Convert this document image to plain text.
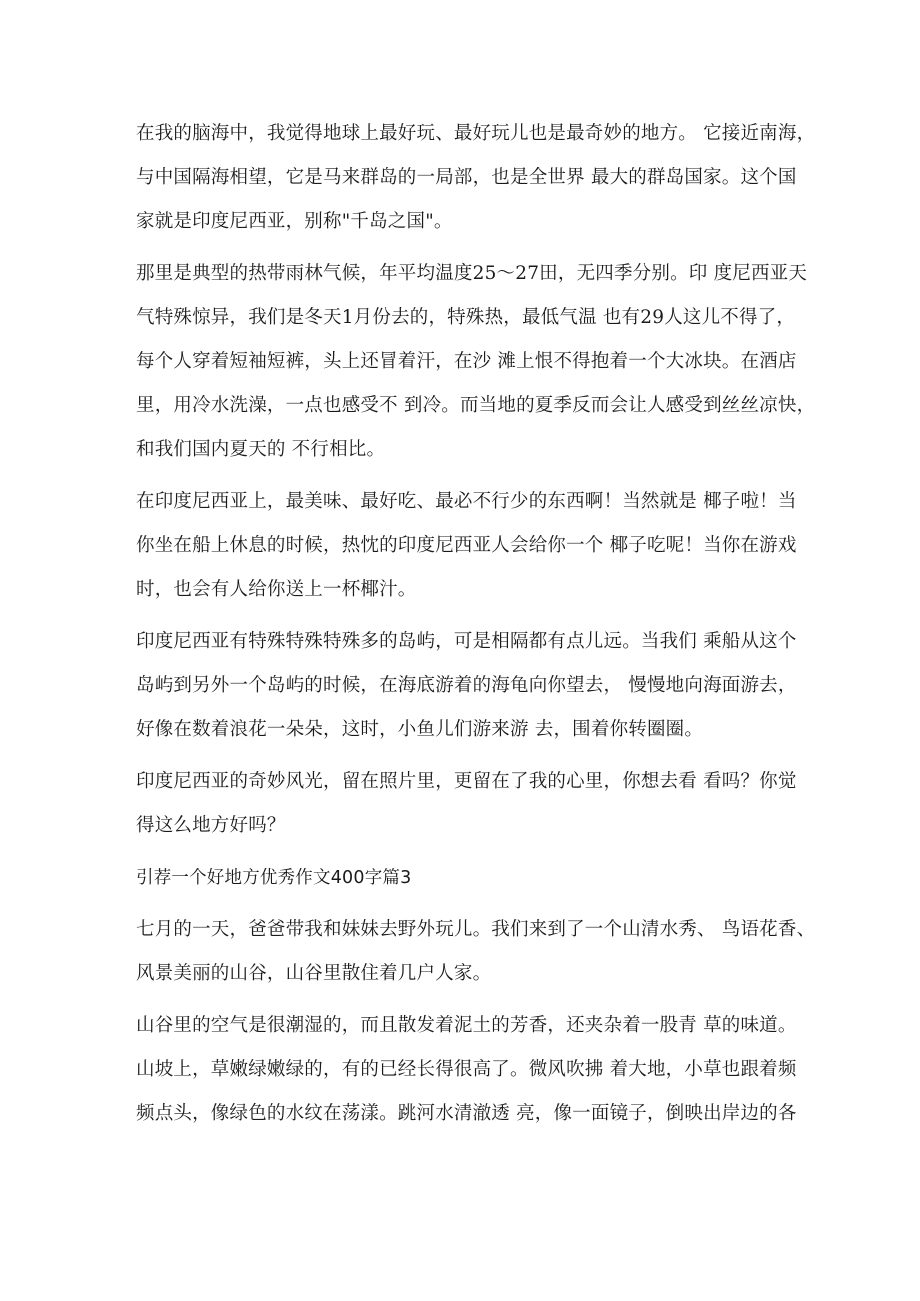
在我的脑海中，我觉得地球上最好玩、最好玩儿也是最奇妙的地方。 它接近南海，
与中国隔海相望，它是马来群岛的一局部，也是全世界 最大的群岛国家。这个国
家就是印度尼西亚，别称"千岛之国"。
那里是典型的热带雨林气候，年平均温度25～27田，无四季分别。印 度尼西亚天
气特殊惊异，我们是冬天1月份去的，特殊热，最低气温 也有29人这儿不得了，
每个人穿着短袖短裤，头上还冒着汗，在沙 滩上恨不得抱着一个大冰块。在酒店
里，用冷水洗澡，一点也感受不 到冷。而当地的夏季反而会让人感受到丝丝凉快，
和我们国内夏天的 不行相比。
在印度尼西亚上，最美味、最好吃、最必不行少的东西啊！当然就是 椰子啦！当
你坐在船上休息的时候，热忱的印度尼西亚人会给你一个 椰子吃呢！当你在游戏
时，也会有人给你送上一杯椰汁。
印度尼西亚有特殊特殊特殊多的岛屿，可是相隔都有点儿远。当我们 乘船从这个
岛屿到另外一个岛屿的时候，在海底游着的海龟向你望去， 慢慢地向海面游去，
好像在数着浪花一朵朵，这时，小鱼儿们游来游 去，围着你转圈圈。
印度尼西亚的奇妙风光，留在照片里，更留在了我的心里，你想去看 看吗？你觉
得这么地方好吗？
引荐一个好地方优秀作文400字篇3
七月的一天，爸爸带我和妹妹去野外玩儿。我们来到了一个山清水秀、 鸟语花香、
风景美丽的山谷，山谷里散住着几户人家。
山谷里的空气是很潮湿的，而且散发着泥土的芳香，还夹杂着一股青 草的味道。
山坡上，草嫩绿嫩绿的，有的已经长得很高了。微风吹拂 着大地，小草也跟着频
频点头，像绿色的水纹在荡漾。跳河水清澈透 亮，像一面镜子，倒映出岸边的各
